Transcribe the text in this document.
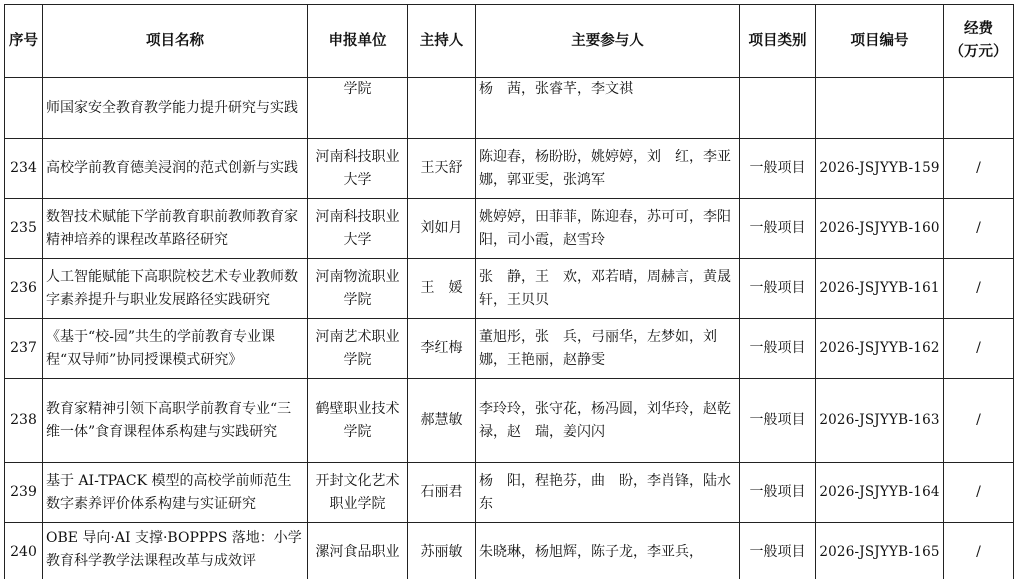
序号	项目名称	申报单位	主持人	主要参与人	项目类别	项目编号	经费
（万元）

	师国家安全教育教学能力提升研究与实践	学院		杨　茜，张睿芊，李文祺			

234	高校学前教育德美浸润的范式创新与实践	河南科技职业大学	王天舒	陈迎春，杨盼盼，姚婷婷，刘　红，李亚娜，郭亚雯，张鸿军	一般项目	2026-JSJYYB-159	/
235	数智技术赋能下学前教育职前教师教育家精神培养的课程改革路径研究	河南科技职业大学	刘如月	姚婷婷，田菲菲，陈迎春，苏可可，李阳阳，司小霞，赵雪玲	一般项目	2026-JSJYYB-160	/
236	人工智能赋能下高职院校艺术专业教师数字素养提升与职业发展路径实践研究	河南物流职业学院	王　媛	张　静，王　欢，邓若晴，周赫言，黄晟轩，王贝贝	一般项目	2026-JSJYYB-161	/
237	《基于“校-园”共生的学前教育专业课程“双导师”协同授课模式研究》	河南艺术职业学院	李红梅	董旭彤，张　兵，弓丽华，左梦如，刘　娜，王艳丽，赵静雯	一般项目	2026-JSJYYB-162	/
238	教育家精神引领下高职学前教育专业“三维一体”食育课程体系构建与实践研究	鹤壁职业技术学院	郝慧敏	李玲玲，张守花，杨冯圆，刘华玲，赵乾禄，赵　瑞，姜闪闪	一般项目	2026-JSJYYB-163	/
239	基于 AI-TPACK 模型的高校学前师范生数字素养评价体系构建与实证研究	开封文化艺术职业学院	石丽君	杨　阳，程艳芬，曲　盼，李肖锋，陆水东	一般项目	2026-JSJYYB-164	/
240	OBE 导向·AI 支撑·BOPPPS 落地：小学教育科学教学法课程改革与成效评	漯河食品职业	苏丽敏	朱晓琳，杨旭辉，陈子龙，李亚兵，	一般项目	2026-JSJYYB-165	/
